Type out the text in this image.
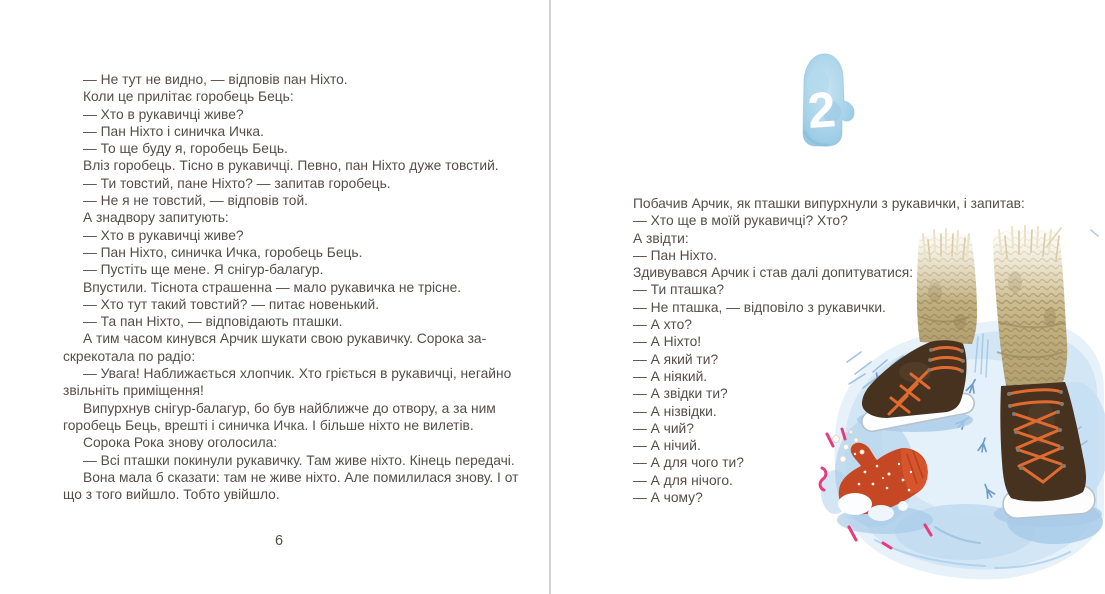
— Не тут не видно, — відповів пан Ніхто.
Коли це прилітає горобець Бець:
— Хто в рукавичці живе?
— Пан Ніхто і синичка Ичка.
— То ще буду я, горобець Бець.
Вліз горобець. Тісно в рукавичці. Певно, пан Ніхто дуже товстий.
— Ти товстий, пане Ніхто? — запитав горобець.
— Не я не товстий, — відповів той.
А знадвору запитують:
— Хто в рукавичці живе?
— Пан Ніхто, синичка Ичка, горобець Бець.
— Пустіть ще мене. Я снігур-балагур.
Впустили. Тіснота страшенна — мало рукавичка не трісне.
— Хто тут такий товстий? — питає новенький.
— Та пан Ніхто, — відповідають пташки.
А тим часом кинувся Арчик шукати свою рукавичку. Сорока за-
скрекотала по радіо:
— Увага! Наближається хлопчик. Хто гріється в рукавичці, негайно
звільніть приміщення!
Випурхнув снігур-балагур, бо був найближче до отвору, а за ним
горобець Бець, врешті і синичка Ичка. І більше ніхто не вилетів.
Сорока Рока знову оголосила:
— Всі пташки покинули рукавичку. Там живе ніхто. Кінець передачі.
Вона мала б сказати: там не живе ніхто. Але помилилася знову. І от
що з того вийшло. Тобто увійшло.
6
2
Побачив Арчик, як пташки випурхнули з рукавички, і запитав:
— Хто ще в моїй рукавичці? Хто?
А звідти:
— Пан Ніхто.
Здивувався Арчик і став далі допитуватися:
— Ти пташка?
— Не пташка, — відповіло з рукавички.
— А хто?
— А Ніхто!
— А який ти?
— А ніякий.
— А звідки ти?
— А нізвідки.
— А чий?
— А нічий.
— А для чого ти?
— А для нічого.
— А чому?
